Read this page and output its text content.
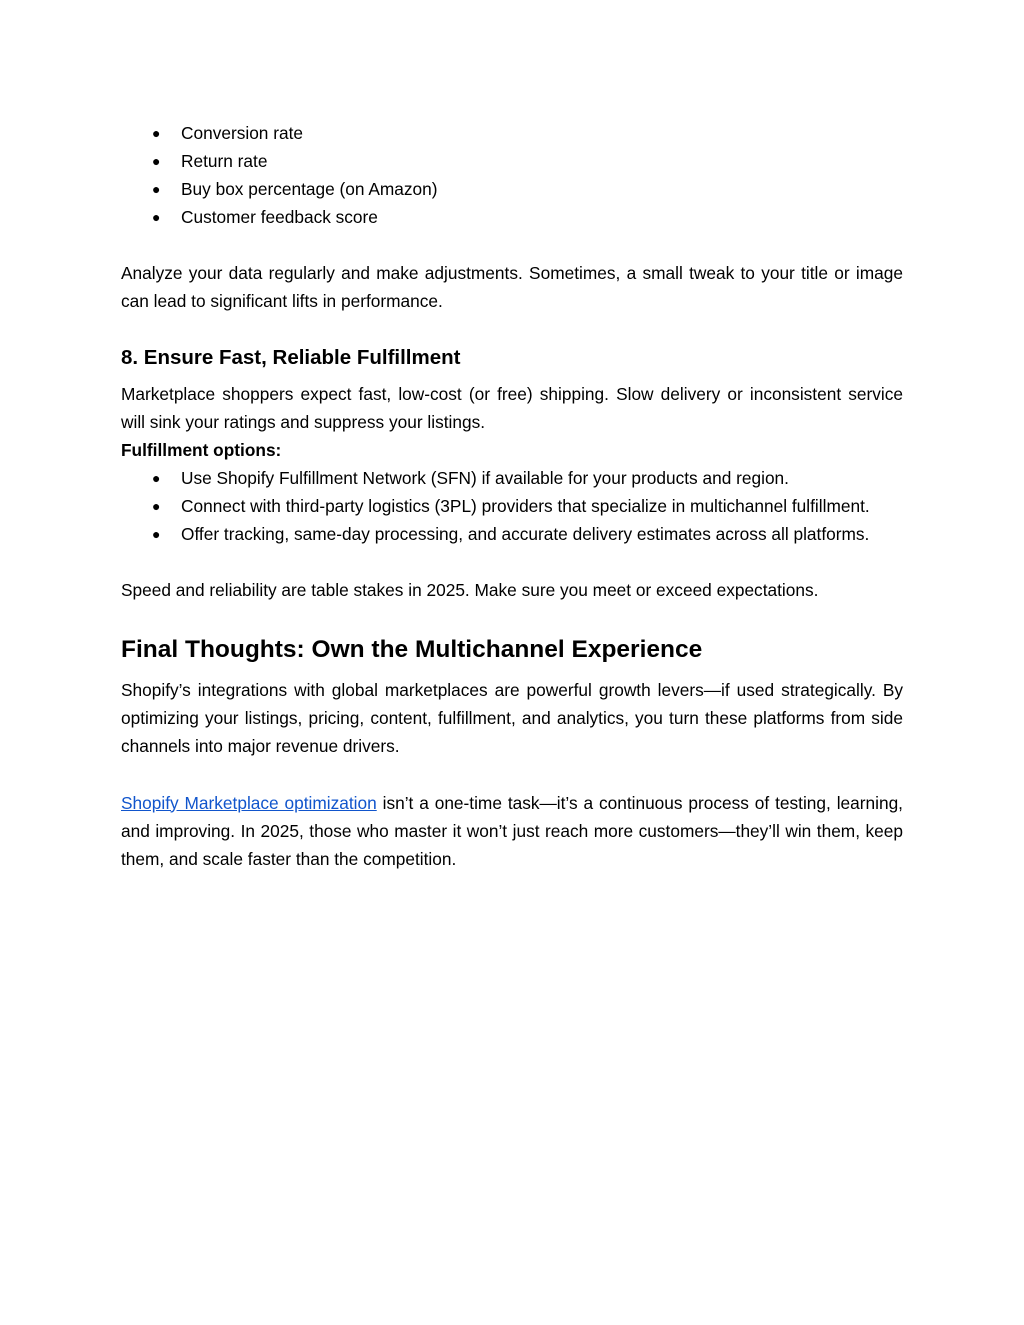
● Conversion rate
● Return rate
● Buy box percentage (on Amazon)
● Customer feedback score

Analyze your data regularly and make adjustments. Sometimes, a small tweak to your title or image can lead to significant lifts in performance.

8. Ensure Fast, Reliable Fulfillment

Marketplace shoppers expect fast, low-cost (or free) shipping. Slow delivery or inconsistent service will sink your ratings and suppress your listings.

Fulfillment options:

● Use Shopify Fulfillment Network (SFN) if available for your products and region.
● Connect with third-party logistics (3PL) providers that specialize in multichannel fulfillment.
● Offer tracking, same-day processing, and accurate delivery estimates across all platforms.

Speed and reliability are table stakes in 2025. Make sure you meet or exceed expectations.

Final Thoughts: Own the Multichannel Experience

Shopify’s integrations with global marketplaces are powerful growth levers—if used strategically. By optimizing your listings, pricing, content, fulfillment, and analytics, you turn these platforms from side channels into major revenue drivers.

Shopify Marketplace optimization isn’t a one-time task—it’s a continuous process of testing, learning, and improving. In 2025, those who master it won’t just reach more customers—they’ll win them, keep them, and scale faster than the competition.
